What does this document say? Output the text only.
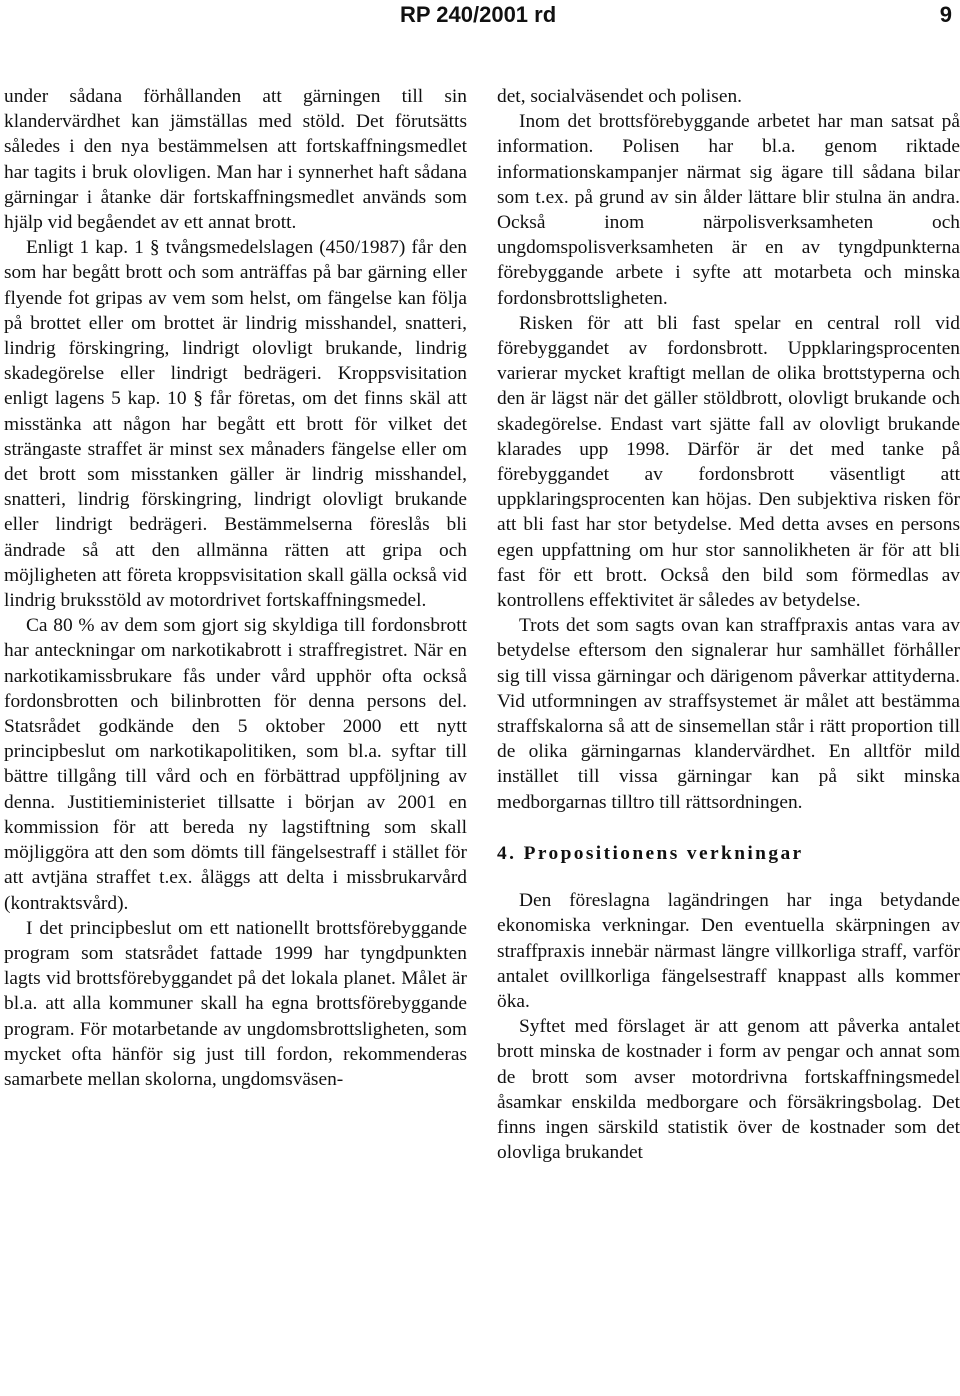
RP 240/2001 rd	9

under sådana förhållanden att gärningen till sin klandervärdhet kan jämställas med stöld. Det förutsätts således i den nya bestämmelsen att fortskaffningsmedlet har tagits i bruk olovligen. Man har i synnerhet haft sådana gärningar i åtanke där fortskaffningsmedlet används som hjälp vid begåendet av ett annat brott.

Enligt 1 kap. 1 § tvångsmedelslagen (450/1987) får den som har begått brott och som anträffas på bar gärning eller flyende fot gripas av vem som helst, om fängelse kan följa på brottet eller om brottet är lindrig misshandel, snatteri, lindrig förskingring, lindrigt olovligt brukande, lindrig skadegörelse eller lindrigt bedrägeri. Kroppsvisitation enligt lagens 5 kap. 10 § får företas, om det finns skäl att misstänka att någon har begått ett brott för vilket det strängaste straffet är minst sex månaders fängelse eller om det brott som misstanken gäller är lindrig misshandel, snatteri, lindrig förskingring, lindrigt olovligt brukande eller lindrigt bedrägeri. Bestämmelserna föreslås bli ändrade så att den allmänna rätten att gripa och möjligheten att företa kroppsvisitation skall gälla också vid lindrig bruksstöld av motordrivet fortskaffningsmedel.

Ca 80 % av dem som gjort sig skyldiga till fordonsbrott har anteckningar om narkotikabrott i straffregistret. När en narkotikamissbrukare fås under vård upphör ofta också fordonsbrotten och bilinbrotten för denna persons del. Statsrådet godkände den 5 oktober 2000 ett nytt principbeslut om narkotikapolitiken, som bl.a. syftar till bättre tillgång till vård och en förbättrad uppföljning av denna. Justitieministeriet tillsatte i början av 2001 en kommission för att bereda ny lagstiftning som skall möjliggöra att den som dömts till fängelsestraff i stället för att avtjäna straffet t.ex. åläggs att delta i missbrukarvård (kontraktsvård).

I det principbeslut om ett nationellt brottsförebyggande program som statsrådet fattade 1999 har tyngdpunkten lagts vid brottsförebyggandet på det lokala planet. Målet är bl.a. att alla kommuner skall ha egna brottsförebyggande program. För motarbetande av ungdomsbrottsligheten, som mycket ofta hänför sig just till fordon, rekommenderas samarbete mellan skolorna, ungdomsväsen-

det, socialväsendet och polisen.

Inom det brottsförebyggande arbetet har man satsat på information. Polisen har bl.a. genom riktade informationskampanjer närmat sig ägare till sådana bilar som t.ex. på grund av sin ålder lättare blir stulna än andra. Också inom närpolisverksamheten och ungdomspolisverksamheten är en av tyngdpunkterna förebyggande arbete i syfte att motarbeta och minska fordonsbrottsligheten.

Risken för att bli fast spelar en central roll vid förebyggandet av fordonsbrott. Uppklaringsprocenten varierar mycket kraftigt mellan de olika brottstyperna och den är lägst när det gäller stöldbrott, olovligt brukande och skadegörelse. Endast vart sjätte fall av olovligt brukande klarades upp 1998. Därför är det med tanke på förebyggandet av fordonsbrott väsentligt att uppklaringsprocenten kan höjas. Den subjektiva risken för att bli fast har stor betydelse. Med detta avses en persons egen uppfattning om hur stor sannolikheten är för att bli fast för ett brott. Också den bild som förmedlas av kontrollens effektivitet är således av betydelse.

Trots det som sagts ovan kan straffpraxis antas vara av betydelse eftersom den signalerar hur samhället förhåller sig till vissa gärningar och därigenom påverkar attityderna. Vid utformningen av straffsystemet är målet att bestämma straffskalorna så att de sinsemellan står i rätt proportion till de olika gärningarnas klandervärdhet. En alltför mild instället till vissa gärningar kan på sikt minska medborgarnas tilltro till rättsordningen.

4. Propositionens verkningar

Den föreslagna lagändringen har inga betydande ekonomiska verkningar. Den eventuella skärpningen av straffpraxis innebär närmast längre villkorliga straff, varför antalet ovillkorliga fängelsestraff knappast alls kommer öka.

Syftet med förslaget är att genom att påverka antalet brott minska de kostnader i form av pengar och annat som de brott som avser motordrivna fortskaffningsmedel åsamkar enskilda medborgare och försäkringsbolag. Det finns ingen särskild statistik över de kostnader som det olovliga brukandet
